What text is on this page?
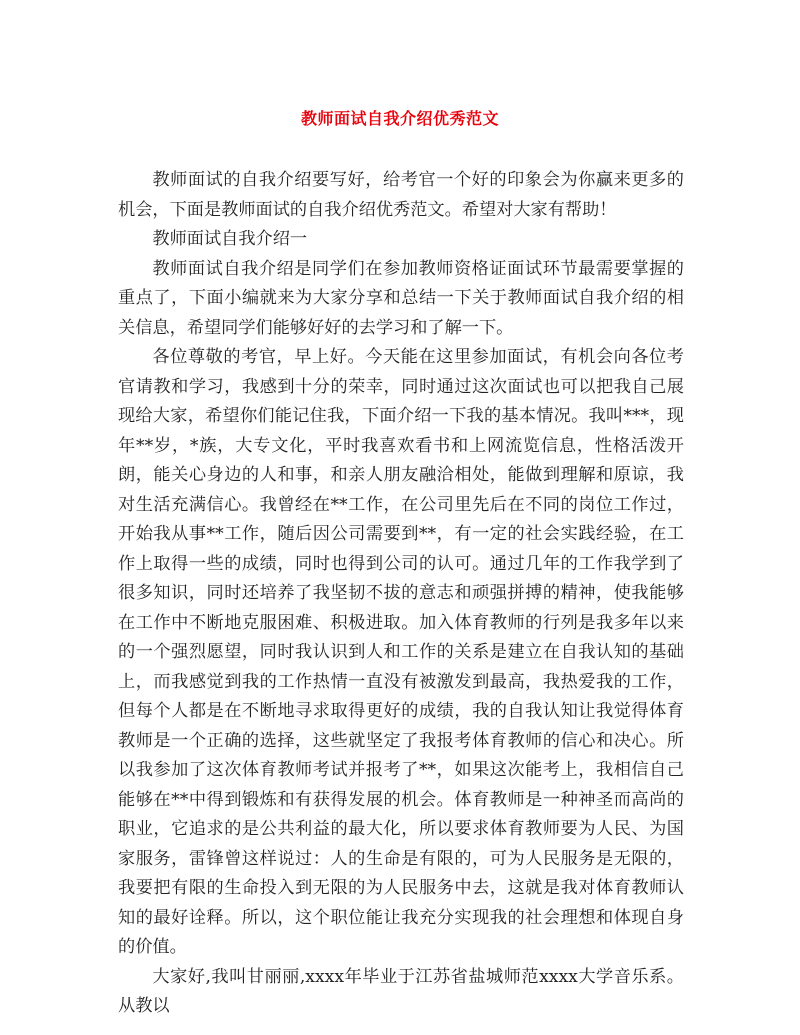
教师面试自我介绍优秀范文

教师面试的自我介绍要写好，给考官一个好的印象会为你赢来更多的机会，下面是教师面试的自我介绍优秀范文。希望对大家有帮助！

教师面试自我介绍一

教师面试自我介绍是同学们在参加教师资格证面试环节最需要掌握的重点了，下面小编就来为大家分享和总结一下关于教师面试自我介绍的相关信息，希望同学们能够好好的去学习和了解一下。

各位尊敬的考官，早上好。今天能在这里参加面试，有机会向各位考官请教和学习，我感到十分的荣幸，同时通过这次面试也可以把我自己展现给大家，希望你们能记住我，下面介绍一下我的基本情况。我叫***，现年**岁，*族，大专文化，平时我喜欢看书和上网流览信息，性格活泼开朗，能关心身边的人和事，和亲人朋友融洽相处，能做到理解和原谅，我对生活充满信心。我曾经在**工作，在公司里先后在不同的岗位工作过，开始我从事**工作，随后因公司需要到**，有一定的社会实践经验，在工作上取得一些的成绩，同时也得到公司的认可。通过几年的工作我学到了很多知识，同时还培养了我坚韧不拔的意志和顽强拼搏的精神，使我能够在工作中不断地克服困难、积极进取。加入体育教师的行列是我多年以来的一个强烈愿望，同时我认识到人和工作的关系是建立在自我认知的基础上，而我感觉到我的工作热情一直没有被激发到最高，我热爱我的工作，但每个人都是在不断地寻求取得更好的成绩，我的自我认知让我觉得体育教师是一个正确的选择，这些就坚定了我报考体育教师的信心和决心。所以我参加了这次体育教师考试并报考了**，如果这次能考上，我相信自己能够在**中得到锻炼和有获得发展的机会。体育教师是一种神圣而高尚的职业，它追求的是公共利益的最大化，所以要求体育教师要为人民、为国家服务，雷锋曾这样说过：人的生命是有限的，可为人民服务是无限的，我要把有限的生命投入到无限的为人民服务中去，这就是我对体育教师认知的最好诠释。所以，这个职位能让我充分实现我的社会理想和体现自身的价值。

大家好,我叫甘丽丽,xxxx年毕业于江苏省盐城师范xxxx大学音乐系。从教以
